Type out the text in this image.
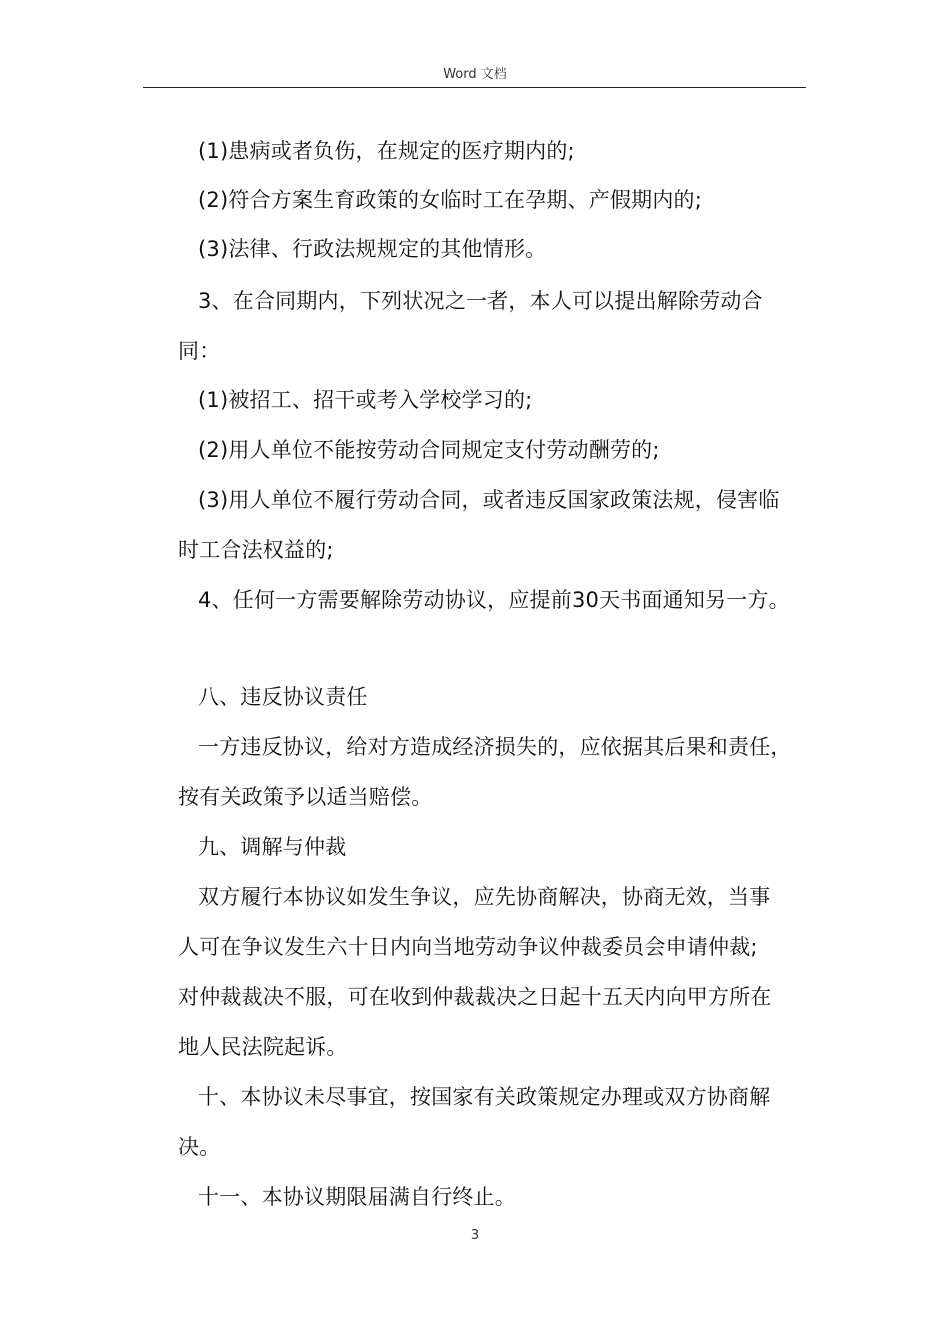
Word 文档
(1)患病或者负伤，在规定的医疗期内的;
(2)符合方案生育政策的女临时工在孕期、产假期内的;
(3)法律、行政法规规定的其他情形。
3、在合同期内，下列状况之一者，本人可以提出解除劳动合
同：
(1)被招工、招干或考入学校学习的;
(2)用人单位不能按劳动合同规定支付劳动酬劳的;
(3)用人单位不履行劳动合同，或者违反国家政策法规，侵害临
时工合法权益的;
4、任何一方需要解除劳动协议，应提前30天书面通知另一方。
八、违反协议责任
一方违反协议，给对方造成经济损失的，应依据其后果和责任，
按有关政策予以适当赔偿。
九、调解与仲裁
双方履行本协议如发生争议，应先协商解决，协商无效，当事
人可在争议发生六十日内向当地劳动争议仲裁委员会申请仲裁;
对仲裁裁决不服，可在收到仲裁裁决之日起十五天内向甲方所在
地人民法院起诉。
十、本协议未尽事宜，按国家有关政策规定办理或双方协商解
决。
十一、本协议期限届满自行终止。
3
